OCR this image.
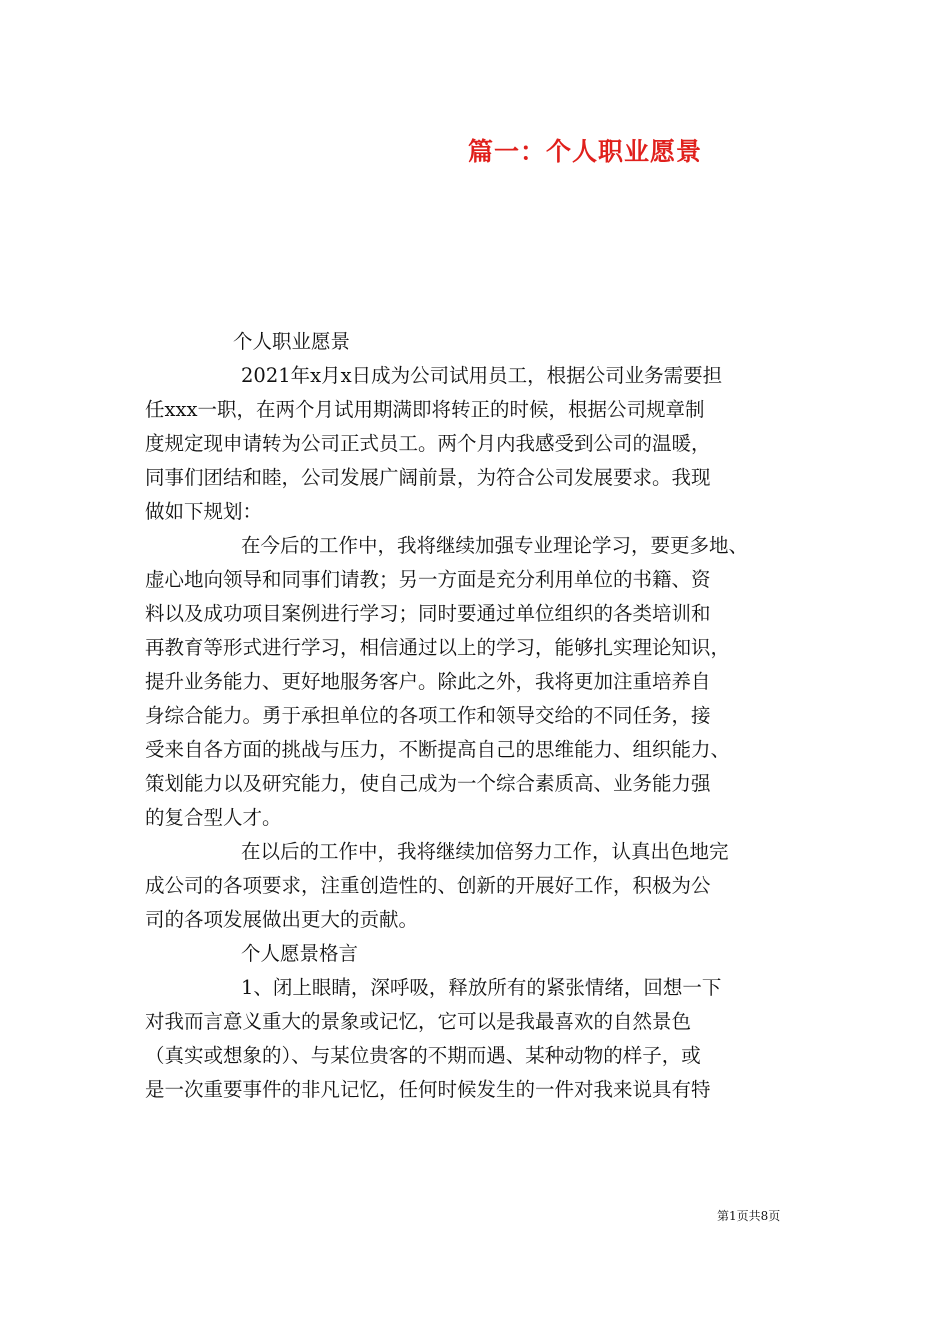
篇一：个人职业愿景
个人职业愿景
2021年x月x日成为公司试用员工，根据公司业务需要担
任xxx一职，在两个月试用期满即将转正的时候，根据公司规章制
度规定现申请转为公司正式员工。两个月内我感受到公司的温暖，
同事们团结和睦，公司发展广阔前景，为符合公司发展要求。我现
做如下规划：
在今后的工作中，我将继续加强专业理论学习，要更多地、
虚心地向领导和同事们请教；另一方面是充分利用单位的书籍、资
料以及成功项目案例进行学习；同时要通过单位组织的各类培训和
再教育等形式进行学习，相信通过以上的学习，能够扎实理论知识，
提升业务能力、更好地服务客户。除此之外，我将更加注重培养自
身综合能力。勇于承担单位的各项工作和领导交给的不同任务，接
受来自各方面的挑战与压力，不断提高自己的思维能力、组织能力、
策划能力以及研究能力，使自己成为一个综合素质高、业务能力强
的复合型人才。
在以后的工作中，我将继续加倍努力工作，认真出色地完
成公司的各项要求，注重创造性的、创新的开展好工作，积极为公
司的各项发展做出更大的贡献。
个人愿景格言
1、闭上眼睛，深呼吸，释放所有的紧张情绪，回想一下
对我而言意义重大的景象或记忆，它可以是我最喜欢的自然景色
（真实或想象的）、与某位贵客的不期而遇、某种动物的样子，或
是一次重要事件的非凡记忆，任何时候发生的一件对我来说具有特
第1页共8页
